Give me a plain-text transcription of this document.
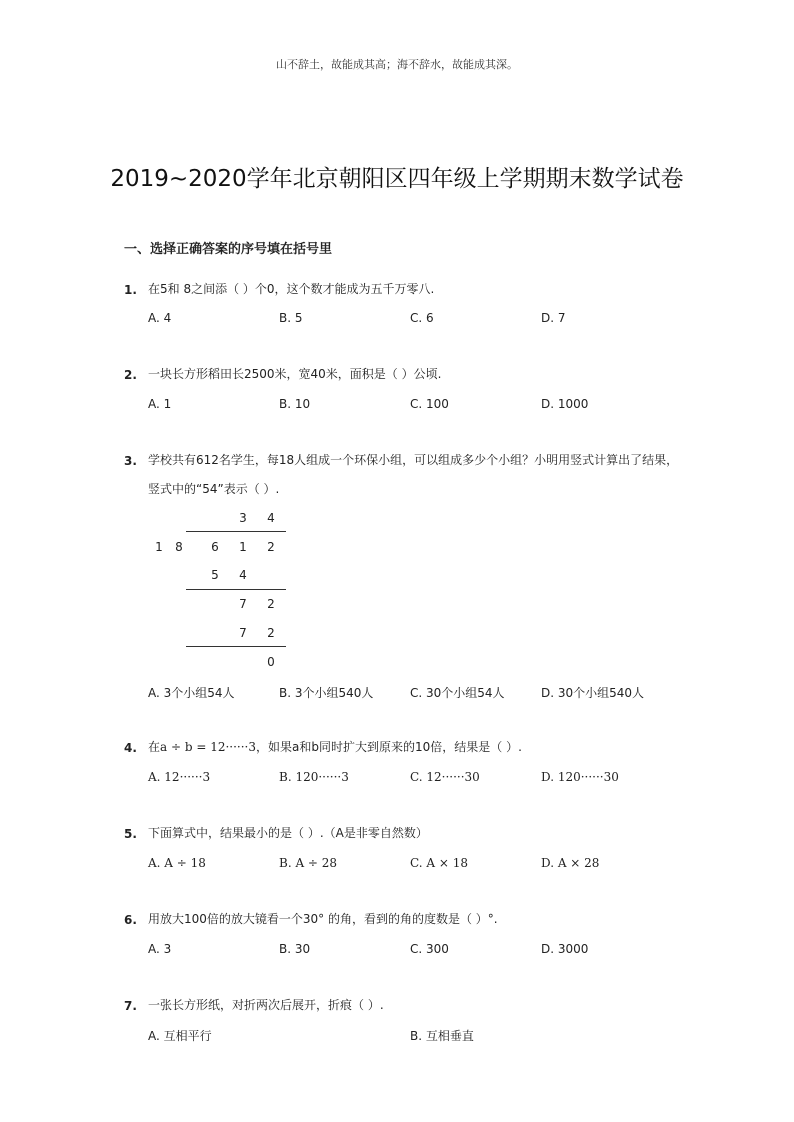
山不辞土，故能成其高；海不辞水，故能成其深。
2019~2020学年北京朝阳区四年级上学期期末数学试卷
一、选择正确答案的序号填在括号里
1. 在5和 8之间添（ ）个0，这个数才能成为五千万零八.
A. 4	B. 5	C. 6	D. 7
2. 一块长方形稻田长2500米，宽40米，面积是（ ）公顷.
A. 1	B. 10	C. 100	D. 1000
3. 学校共有612名学生，每18人组成一个环保小组，可以组成多少个小组？小明用竖式计算出了结果，竖式中的“54”表示（ ）.
3 4
1 8 6 1 2
5 4
7 2
7 2
0
A. 3个小组54人	B. 3个小组540人	C. 30个小组54人	D. 30个小组540人
4. 在a ÷ b = 12······3，如果a和b同时扩大到原来的10倍，结果是（ ）.
A. 12······3	B. 120······3	C. 12······30	D. 120······30
5. 下面算式中，结果最小的是（ ）.（A是非零自然数）
A. A ÷ 18	B. A ÷ 28	C. A × 18	D. A × 28
6. 用放大100倍的放大镜看一个30° 的角，看到的角的度数是（ ）°.
A. 3	B. 30	C. 300	D. 3000
7. 一张长方形纸，对折两次后展开，折痕（ ）.
A. 互相平行	B. 互相垂直
